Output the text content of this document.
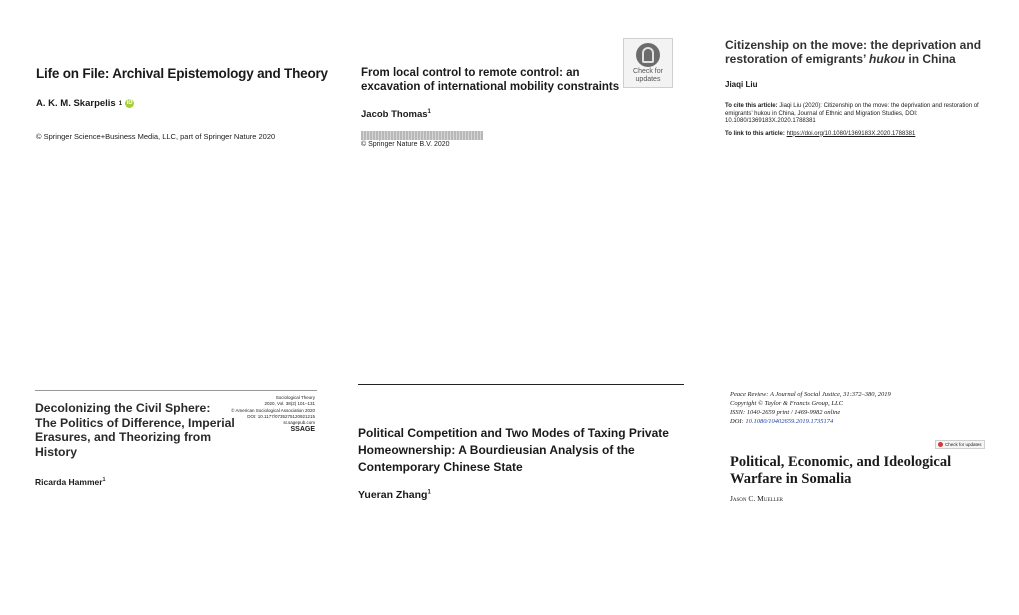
Life on File: Archival Epistemology and Theory
A. K. M. Skarpelis 1 iD
© Springer Science+Business Media, LLC, part of Springer Nature 2020
From local control to remote control: an excavation of international mobility constraints
Jacob Thomas$^1$
© Springer Nature B.V. 2020
Check for
updates
Citizenship on the move: the deprivation and restoration of emigrants’ hukou in China
Jiaqi Liu
To cite this article: Jiaqi Liu (2020): Citizenship on the move: the deprivation and restoration of emigrants’ hukou in China, Journal of Ethnic and Migration Studies, DOI: 10.1080/1369183X.2020.1788381
To link to this article: https://doi.org/10.1080/1369183X.2020.1788381
Sociological Theory
2020, Vol. 38(2) 101–131
© American Sociological Association 2020
DOI: 10.1177/0735275120921215
st.sagepub.com
SSAGE
Decolonizing the Civil Sphere: The Politics of Difference, Imperial Erasures, and Theorizing from History
Ricarda Hammer$^1$
Political Competition and Two Modes of Taxing Private Homeownership: A Bourdieusian Analysis of the Contemporary Chinese State
Yueran Zhang$^1$
Peace Review: A Journal of Social Justice, 31:372–380, 2019
Copyright © Taylor & Francis Group, LLC
ISSN: 1040-2659 print / 1469-9982 online
DOI: 10.1080/10402659.2019.1735174
Check for updates
Political, Economic, and Ideological Warfare in Somalia
Jason C. Mueller
